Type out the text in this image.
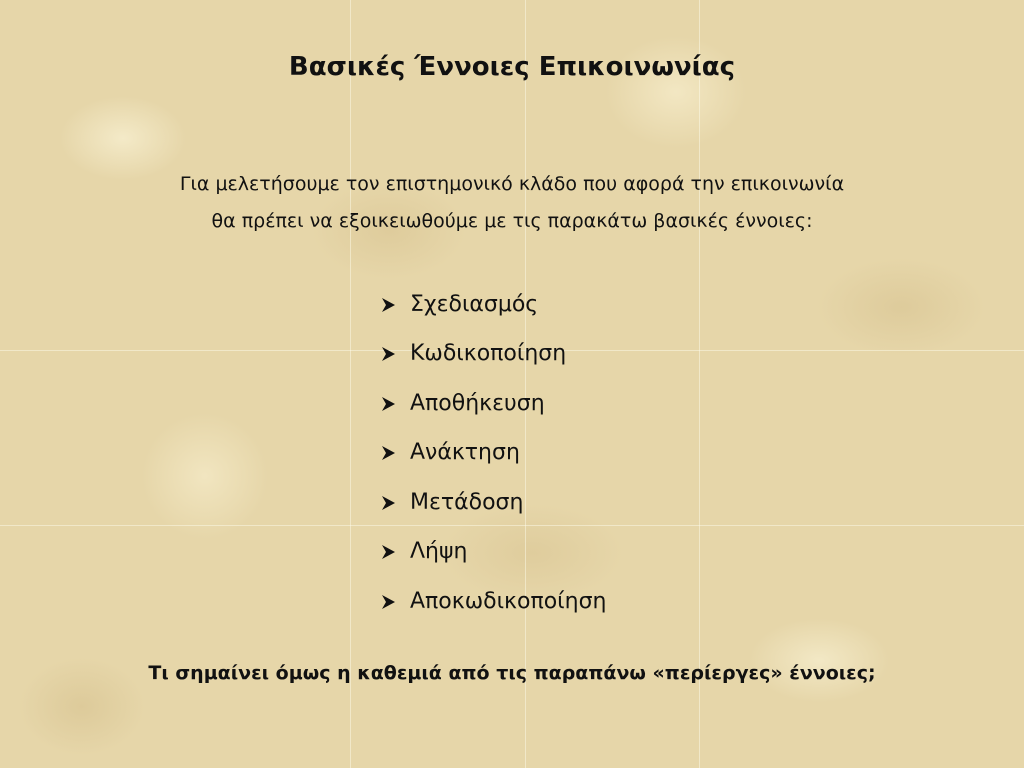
Βασικές Έννοιες Επικοινωνίας
Για μελετήσουμε τον επιστημονικό κλάδο που αφορά την επικοινωνία
θα πρέπει να εξοικειωθούμε με τις παρακάτω βασικές έννοιες:
Σχεδιασμός
Κωδικοποίηση
Αποθήκευση
Ανάκτηση
Μετάδοση
Λήψη
Αποκωδικοποίηση
Τι σημαίνει όμως η καθεμιά από τις παραπάνω «περίεργες» έννοιες;
